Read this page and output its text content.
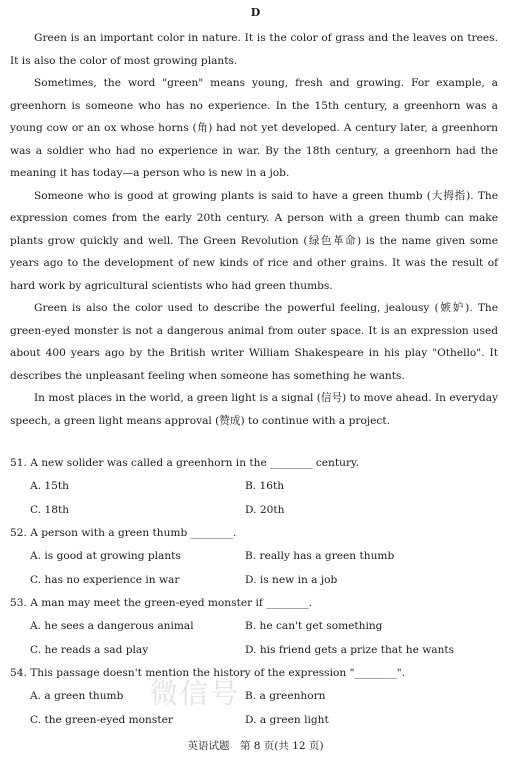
D

Green is an important color in nature. It is the color of grass and the leaves on trees. It is also the color of most growing plants.

Sometimes, the word "green" means young, fresh and growing. For example, a greenhorn is someone who has no experience. In the 15th century, a greenhorn was a young cow or an ox whose horns (角) had not yet developed. A century later, a greenhorn was a soldier who had no experience in war. By the 18th century, a greenhorn had the meaning it has today—a person who is new in a job.

Someone who is good at growing plants is said to have a green thumb (大拇指). The expression comes from the early 20th century. A person with a green thumb can make plants grow quickly and well. The Green Revolution (绿色革命) is the name given some years ago to the development of new kinds of rice and other grains. It was the result of hard work by agricultural scientists who had green thumbs.

Green is also the color used to describe the powerful feeling, jealousy (嫉妒). The green-eyed monster is not a dangerous animal from outer space. It is an expression used about 400 years ago by the British writer William Shakespeare in his play "Othello". It describes the unpleasant feeling when someone has something he wants.

In most places in the world, a green light is a signal (信号) to move ahead. In everyday speech, a green light means approval (赞成) to continue with a project.

51. A new solider was called a greenhorn in the ________ century.
A. 15th	B. 16th
C. 18th	D. 20th
52. A person with a green thumb ________.
A. is good at growing plants	B. really has a green thumb
C. has no experience in war	D. is new in a job
53. A man may meet the green-eyed monster if ________.
A. he sees a dangerous animal	B. he can't get something
C. he reads a sad play	D. his friend gets a prize that he wants
54. This passage doesn't mention the history of the expression "________".
A. a green thumb	B. a greenhorn
C. the green-eyed monster	D. a green light
微信号
英语试题　第 8 页(共 12 页)
